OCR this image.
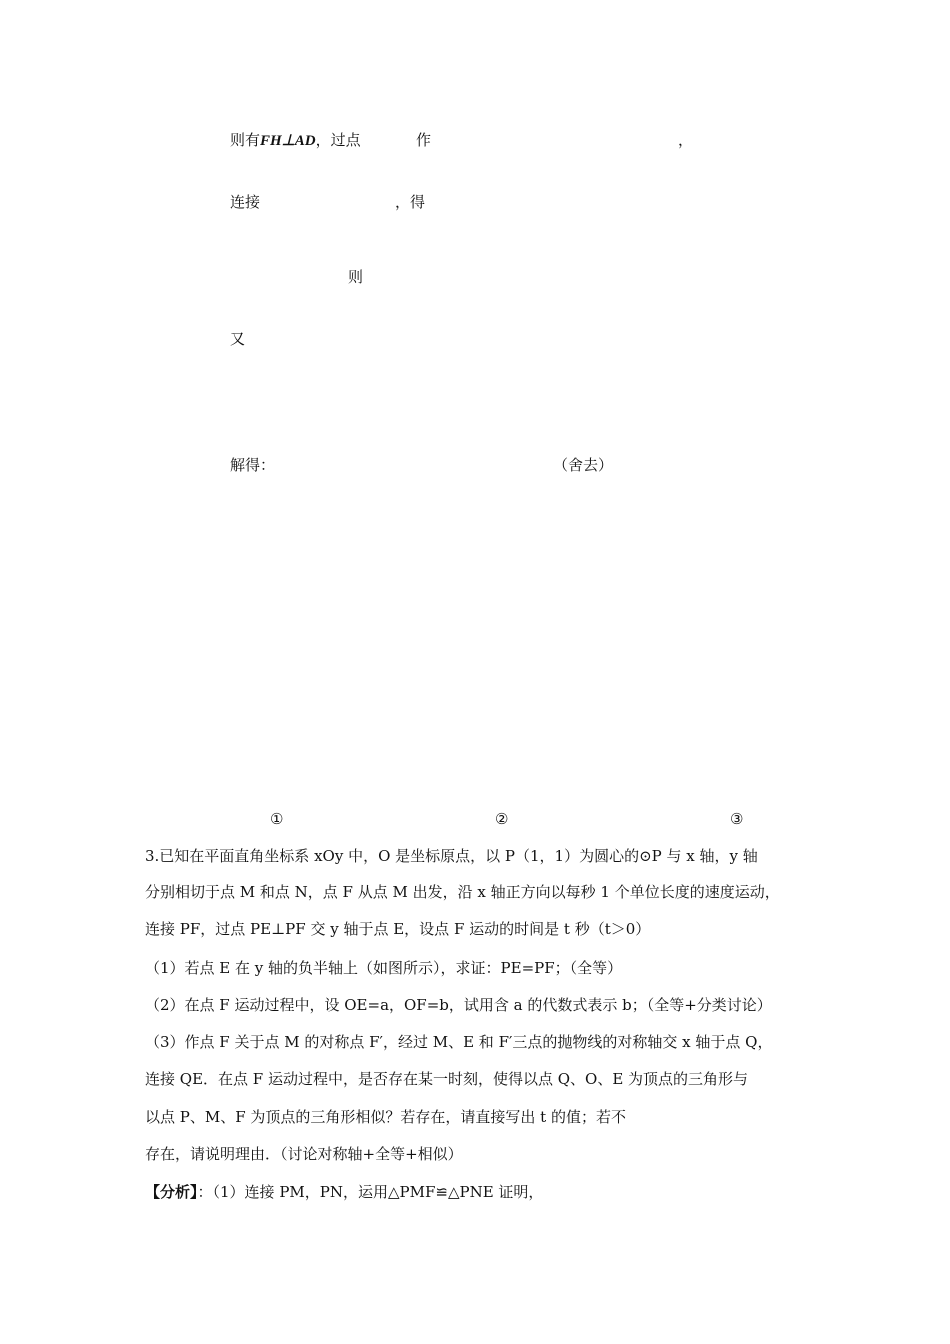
则有FH⊥AD，过点	作	，
连接	，得
则
又
解得：	（舍去）
①	②	③
3.已知在平面直角坐标系 xOy 中，O 是坐标原点，以 P（1，1）为圆心的⊙P 与 x 轴，y 轴
分别相切于点 M 和点 N，点 F 从点 M 出发，沿 x 轴正方向以每秒 1 个单位长度的速度运动，
连接 PF，过点 PE⊥PF 交 y 轴于点 E，设点 F 运动的时间是 t 秒（t＞0）
（1）若点 E 在 y 轴的负半轴上（如图所示），求证：PE=PF；（全等）
（2）在点 F 运动过程中，设 OE=a，OF=b，试用含 a 的代数式表示 b；（全等+分类讨论）
（3）作点 F 关于点 M 的对称点 F′，经过 M、E 和 F′三点的抛物线的对称轴交 x 轴于点 Q，
连接 QE．在点 F 运动过程中，是否存在某一时刻，使得以点 Q、O、E 为顶点的三角形与
以点 P、M、F 为顶点的三角形相似？若存在，请直接写出 t 的值；若不
存在，请说明理由．（讨论对称轴+全等+相似）
【分析】：（1）连接 PM，PN，运用△PMF≌△PNE 证明，
